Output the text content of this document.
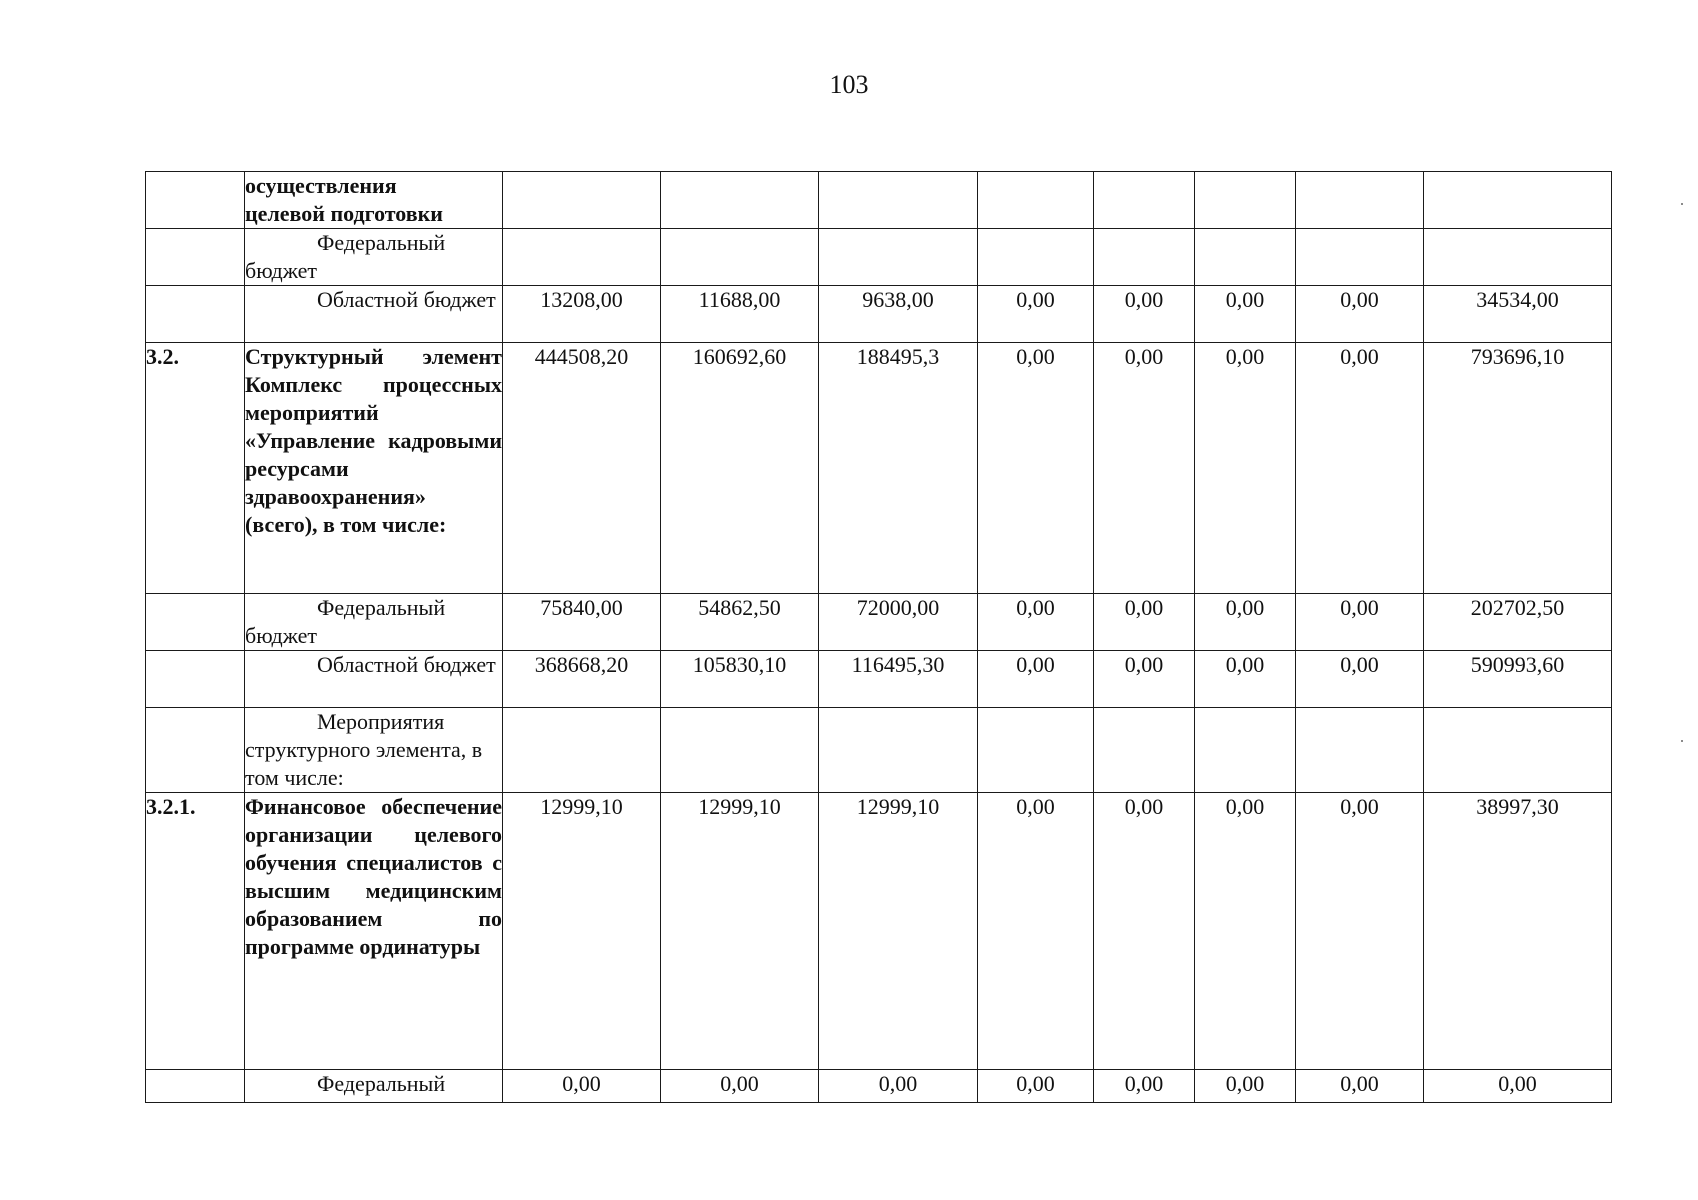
103

	осуществления
целевой подготовки								

	Федеральный бюджет								

	Областной бюджет	13208,00	11688,00	9638,00	0,00	0,00	0,00	0,00	34534,00
3.2.	Структурный элемент Комплекс процессных мероприятий «Управление кадровыми ресурсами здравоохранения» (всего), в том числе:	444508,20	160692,60	188495,3	0,00	0,00	0,00	0,00	793696,10

	Федеральный бюджет	75840,00	54862,50	72000,00	0,00	0,00	0,00	0,00	202702,50

	Областной бюджет	368668,20	105830,10	116495,30	0,00	0,00	0,00	0,00	590993,60

	Мероприятия структурного элемента, в том числе:								

3.2.1.	Финансовое обеспечение организации целевого обучения специалистов с высшим медицинским образованием по программе ординатуры	12999,10	12999,10	12999,10	0,00	0,00	0,00	0,00	38997,30

	Федеральный	0,00	0,00	0,00	0,00	0,00	0,00	0,00	0,00
